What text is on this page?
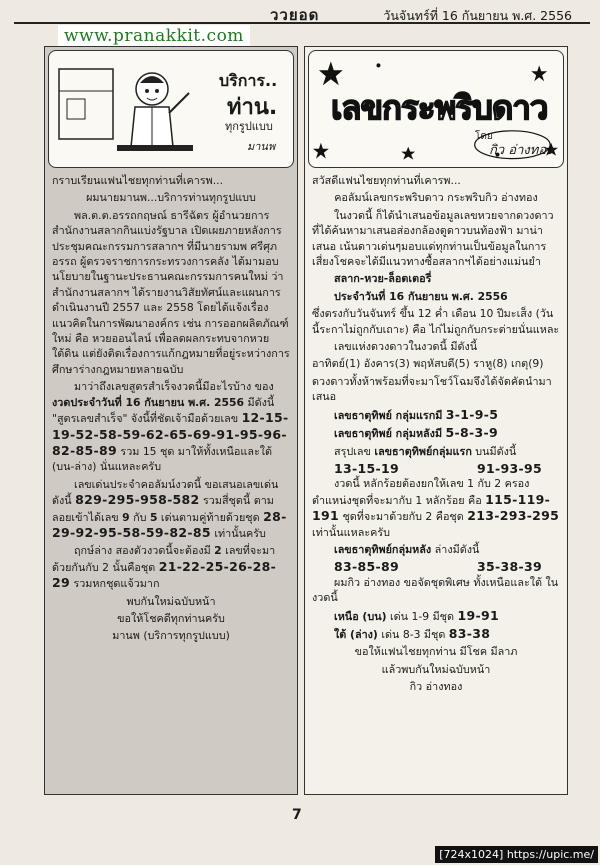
ววยอด	วันจันทร์ที่ 16 กันยายน พ.ศ. 2556
www.pranakkit.com
บริการ..
ท่าน.
ทุกรูปแบบ
มานพ

กราบเรียนแฟนไชยทุกท่านที่เคารพ...

ผมนายมานพ...บริการท่านทุกรูปแบบ

พล.ต.ต.อรรถกฤษณ์ ธารีฉัตร ผู้อำนวยการสำนักงานสลากกินแบ่งรัฐบาล เปิดเผยภายหลังการประชุมคณะกรรมการสลากฯ ที่มีนายรามพ ศรีศุภอรรถ ผู้ตรวจราชการกระทรวงการคลัง ได้มามอบนโยบายในฐานะประธานคณะกรรมการคนใหม่ ว่า สำนักงานสลากฯ ได้รายงานวิสัยทัศน์และแผนการดำเนินงานปี 2557 และ 2558 โดยได้แจ้งเรื่องแนวคิดในการพัฒนาองค์กร เช่น การออกผลิตภัณฑ์ใหม่ คือ หวยออนไลน์ เพื่อลดผลกระทบจากหวยใต้ดิน แต่ยังติดเรื่องการแก้กฎหมายที่อยู่ระหว่างการศึกษาร่างกฎหมายหลายฉบับ

มาว่าถึงเลขสูตรสำเร็จงวดนี้มีอะไรบ้าง ของ งวดประจำวันที่ 16 กันยายน พ.ศ. 2556 มีดังนี้ "สูตรเลขสำเร็จ" จังนี้ที่ชัดเจ้ามือด้วยเลข 12-15-19-52-58-59-62-65-69-91-95-96-82-85-89 รวม 15 ชุด มาให้ทั้งเหนือและใต้ (บน-ล่าง) นั่นแหละครับ

เลขเด่นประจำคอลัมน์งวดนี้ ขอเสนอเลขเด่นดังนี้ 829-295-958-582 รวมสี่ชุดนี้ ตามลอยเข้าได้เลข 9 กับ 5 เด่นตามคู่ท้ายด้วยชุด 28-29-92-95-58-59-82-85 เท่านั้นครับ

ฤกษ์ล่าง สองตัวงวดนี้จะต้องมี 2 เลขที่จะมาด้วยกันกับ 2 นั้นคือชุด 21-22-25-26-28-29 รวมหกชุดแจ้วมาก

พบกันใหม่ฉบับหน้า

ขอให้โชคดีทุกท่านครับ

มานพ (บริการทุกรูปแบบ)

เลขกระพริบดาว
โดย
กิว อ่างทอง

สวัสดีแฟนไชยทุกท่านที่เคารพ...

คอลัมน์เลขกระพริบดาว กระพริบกิว อ่างทอง

ในงวดนี้ ก็ได้นำเสนอข้อมูลเลขหวยจากดวงดาวที่ได้ค้นหามาเสนอส่องกล้องดูดาวบนท้องฟ้า มาน่าเสนอ เน้นดาวเด่นๆมอบแด่ทุกท่านเป็นข้อมูลในการเสี่ยงโชคจะได้มีแนวทางซื้อสลากฯได้อย่างแม่นยำ

สลาก-หวย-ล็อตเตอรี่

ประจำวันที่ 16 กันยายน พ.ศ. 2556

ซึ่งตรงกับวันจันทร์ ขึ้น 12 ค่ำ เดือน 10 ปีมะเส็ง (วันนี้ระกาไม่ถูกกับเถาะ) คือ ไก่ไม่ถูกกับกระต่ายนั่นแหละ

เลขแห่งดวงดาวในงวดนี้ มีดังนี้

อาทิตย์(1) อังคาร(3) พฤหัสบดี(5) ราหู(8) เกตุ(9)

ดวงดาวทั้งห้าพร้อมที่จะมาโชว์โฉมจึงได้จัดคัดนำมาเสนอ

เลขธาตุทิพย์ กลุ่มแรกมี 3-1-9-5

เลขธาตุทิพย์ กลุ่มหลังมี 5-8-3-9

สรุปเลข เลขธาตุทิพย์กลุ่มแรก บนมีดังนี้

13-15-19	91-93-95

งวดนี้ หลักร้อยต้องยกให้เลข 1 กับ 2 ครองตำแหน่งชุดที่จะมากับ 1 หลักร้อย คือ 115-119-191 ชุดที่จะมาด้วยกับ 2 คือชุด 213-293-295 เท่านั้นแหละครับ

เลขธาตุทิพย์กลุ่มหลัง ล่างมีดังนี้

83-85-89	35-38-39

ผมกิว อ่างทอง ขอจัดชุดพิเศษ ทั้งเหนือและใต้ ในงวดนี้

เหนือ (บน) เด่น 1-9 มีชุด 19-91

ใต้ (ล่าง) เด่น 8-3 มีชุด 83-38

ขอให้แฟนไชยทุกท่าน มีโชค มีลาภ

แล้วพบกันใหม่ฉบับหน้า

กิว อ่างทอง

7
[724x1024] https://upic.me/
